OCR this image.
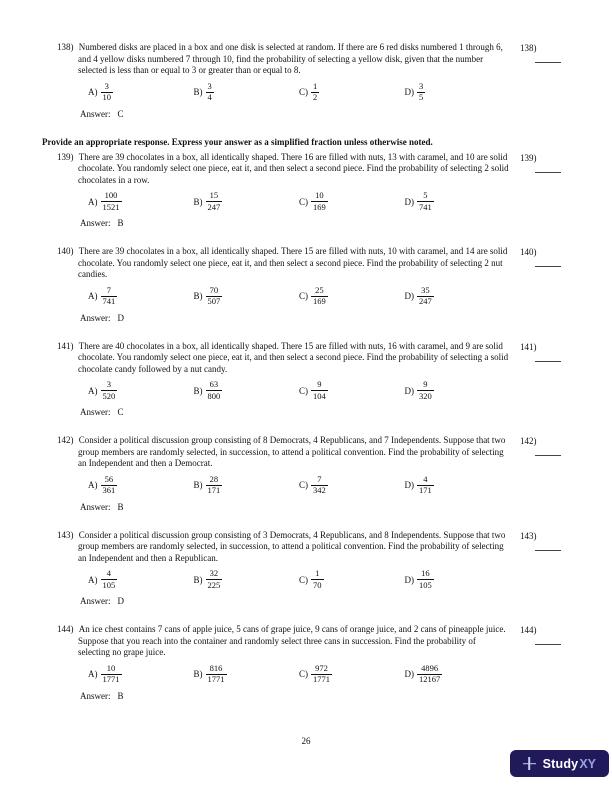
138) Numbered disks are placed in a box and one disk is selected at random. If there are 6 red disks numbered 1 through 6, and 4 yellow disks numbered 7 through 10, find the probability of selecting a yellow disk, given that the number selected is less than or equal to 3 or greater than or equal to 8.
$A) \frac{3}{10}$	$B) \frac{3}{4}$	$C) \frac{1}{2}$	$D) \frac{3}{5}$
Answer: C
138)
Provide an appropriate response. Express your answer as a simplified fraction unless otherwise noted.
139) There are 39 chocolates in a box, all identically shaped. There 16 are filled with nuts, 13 with caramel, and 10 are solid chocolate. You randomly select one piece, eat it, and then select a second piece. Find the probability of selecting 2 solid chocolates in a row.
$A) \frac{100}{1521}$	$B) \frac{15}{247}$	$C) \frac{10}{169}$	$D) \frac{5}{741}$
Answer: B
139)
140) There are 39 chocolates in a box, all identically shaped. There 15 are filled with nuts, 10 with caramel, and 14 are solid chocolate. You randomly select one piece, eat it, and then select a second piece. Find the probability of selecting 2 nut candies.
$A) \frac{7}{741}$	$B) \frac{70}{507}$	$C) \frac{25}{169}$	$D) \frac{35}{247}$
Answer: D
140)
141) There are 40 chocolates in a box, all identically shaped. There 15 are filled with nuts, 16 with caramel, and 9 are solid chocolate. You randomly select one piece, eat it, and then select a second piece. Find the probability of selecting a solid chocolate candy followed by a nut candy.
$A) \frac{3}{520}$	$B) \frac{63}{800}$	$C) \frac{9}{104}$	$D) \frac{9}{320}$
Answer: C
141)
142) Consider a political discussion group consisting of 8 Democrats, 4 Republicans, and 7 Independents. Suppose that two group members are randomly selected, in succession, to attend a political convention. Find the probability of selecting an Independent and then a Democrat.
$A) \frac{56}{361}$	$B) \frac{28}{171}$	$C) \frac{7}{342}$	$D) \frac{4}{171}$
Answer: B
142)
143) Consider a political discussion group consisting of 3 Democrats, 4 Republicans, and 8 Independents. Suppose that two group members are randomly selected, in succession, to attend a political convention. Find the probability of selecting an Independent and then a Republican.
$A) \frac{4}{105}$	$B) \frac{32}{225}$	$C) \frac{1}{70}$	$D) \frac{16}{105}$
Answer: D
143)
144) An ice chest contains 7 cans of apple juice, 5 cans of grape juice, 9 cans of orange juice, and 2 cans of pineapple juice. Suppose that you reach into the container and randomly select three cans in succession. Find the probability of selecting no grape juice.
$A) \frac{10}{1771}$	$B) \frac{816}{1771}$	$C) \frac{972}{1771}$	$D) \frac{4896}{12167}$
Answer: B
144)
26
Study XY
